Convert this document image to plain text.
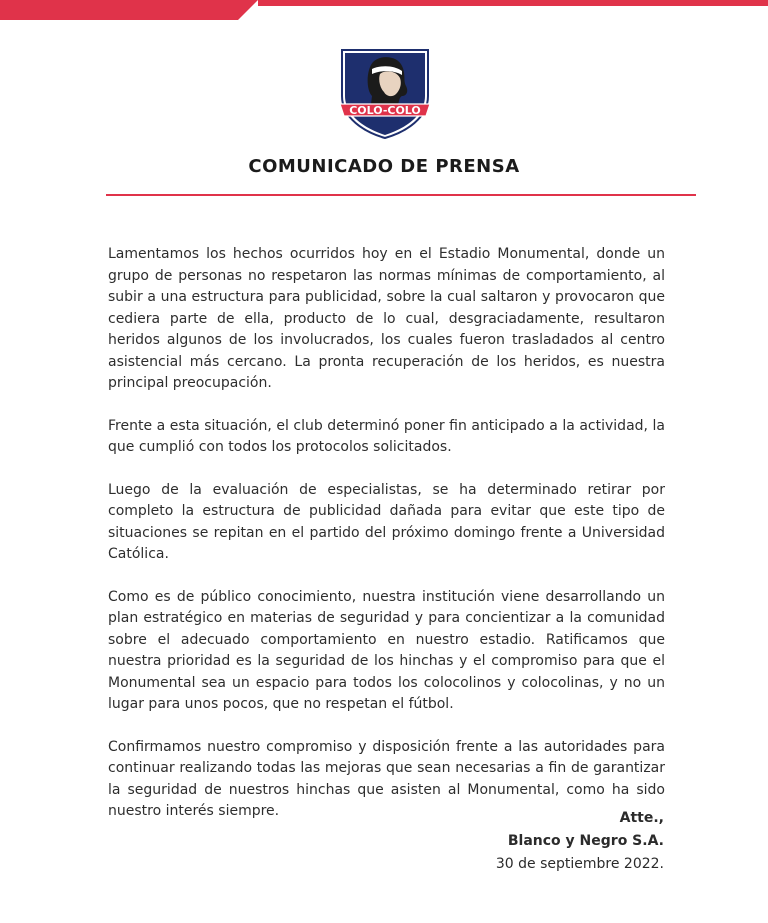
COLO-COLO
COMUNICADO DE PRENSA

Lamentamos los hechos ocurridos hoy en el Estadio Monumental, donde un grupo de personas no respetaron las normas mínimas de comportamiento, al subir a una estructura para publicidad, sobre la cual saltaron y provocaron que cediera parte de ella, producto de lo cual, desgraciadamente, resultaron heridos algunos de los involucrados, los cuales fueron trasladados al centro asistencial más cercano. La pronta recuperación de los heridos, es nuestra principal preocupación.

Frente a esta situación, el club determinó poner fin anticipado a la actividad, la que cumplió con todos los protocolos solicitados.

Luego de la evaluación de especialistas, se ha determinado retirar por completo la estructura de publicidad dañada para evitar que este tipo de situaciones se repitan en el partido del próximo domingo frente a Universidad Católica.

Como es de público conocimiento, nuestra institución viene desarrollando un plan estratégico en materias de seguridad y para concientizar a la comunidad sobre el adecuado comportamiento en nuestro estadio. Ratificamos que nuestra prioridad es la seguridad de los hinchas y el compromiso para que el Monumental sea un espacio para todos los colocolinos y colocolinas, y no un lugar para unos pocos, que no respetan el fútbol.

Confirmamos nuestro compromiso y disposición frente a las autoridades para continuar realizando todas las mejoras que sean necesarias a fin de garantizar la seguridad de nuestros hinchas que asisten al Monumental, como ha sido nuestro interés siempre.	Atte.,
Blanco y Negro S.A.
30 de septiembre 2022.
